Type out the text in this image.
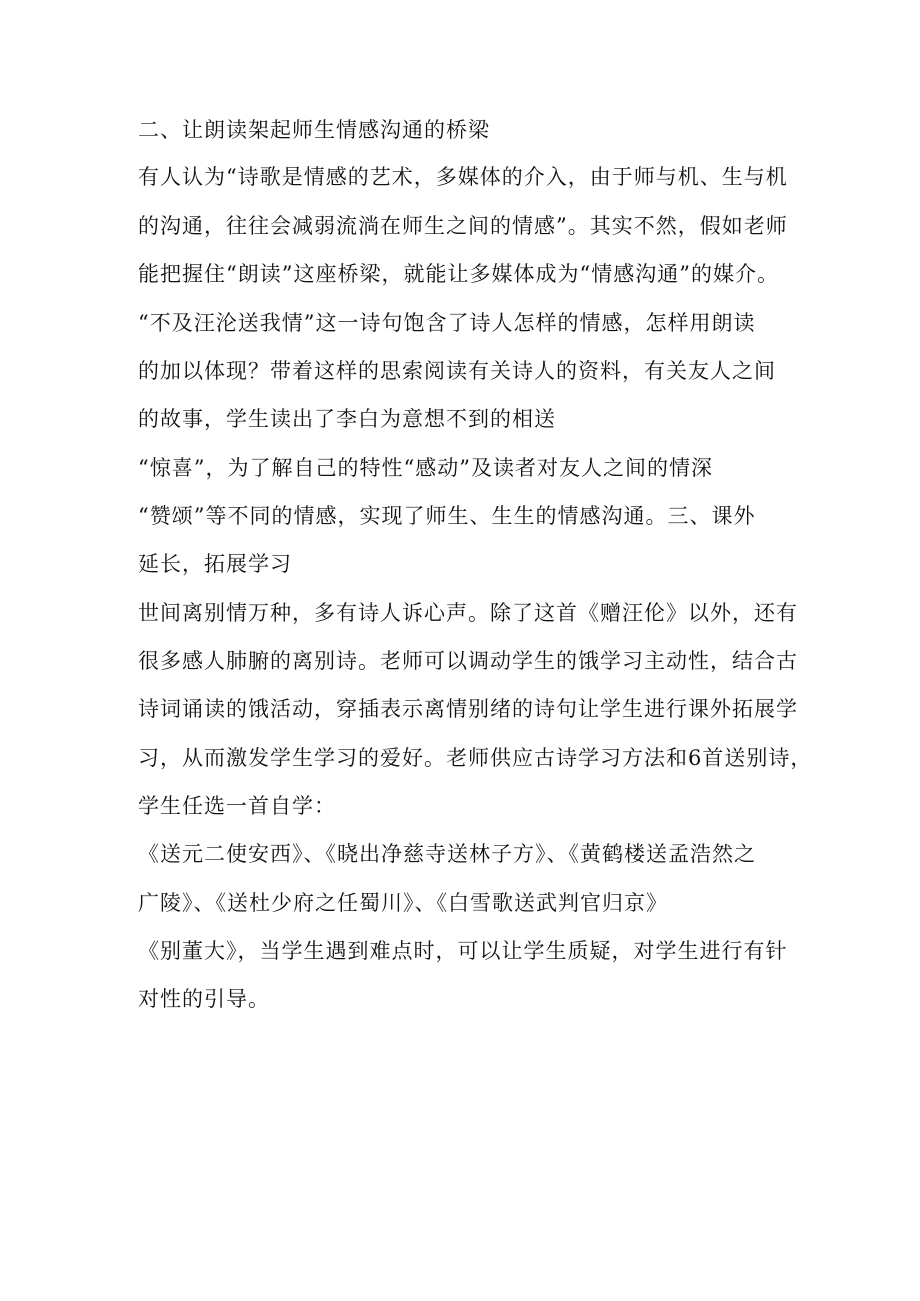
二、让朗读架起师生情感沟通的桥梁
有人认为“诗歌是情感的艺术，多媒体的介入，由于师与机、生与机
的沟通，往往会减弱流淌在师生之间的情感”。其实不然，假如老师
能把握住“朗读”这座桥梁，就能让多媒体成为“情感沟通”的媒介。
“不及汪沦送我情”这一诗句饱含了诗人怎样的情感，怎样用朗读
的加以体现？带着这样的思索阅读有关诗人的资料，有关友人之间
的故事，学生读出了李白为意想不到的相送
“惊喜”，为了解自己的特性“感动”及读者对友人之间的情深
“赞颂”等不同的情感，实现了师生、生生的情感沟通。三、课外
延长，拓展学习
世间离别情万种，多有诗人诉心声。除了这首《赠汪伦》以外，还有
很多感人肺腑的离别诗。老师可以调动学生的饿学习主动性，结合古
诗词诵读的饿活动，穿插表示离情别绪的诗句让学生进行课外拓展学
习，从而激发学生学习的爱好。老师供应古诗学习方法和6首送别诗，
学生任选一首自学：
《送元二使安西》、《晓出净慈寺送林子方》、《黄鹤楼送孟浩然之
广陵》、《送杜少府之任蜀川》、《白雪歌送武判官归京》
《别董大》，当学生遇到难点时，可以让学生质疑，对学生进行有针
对性的引导。
